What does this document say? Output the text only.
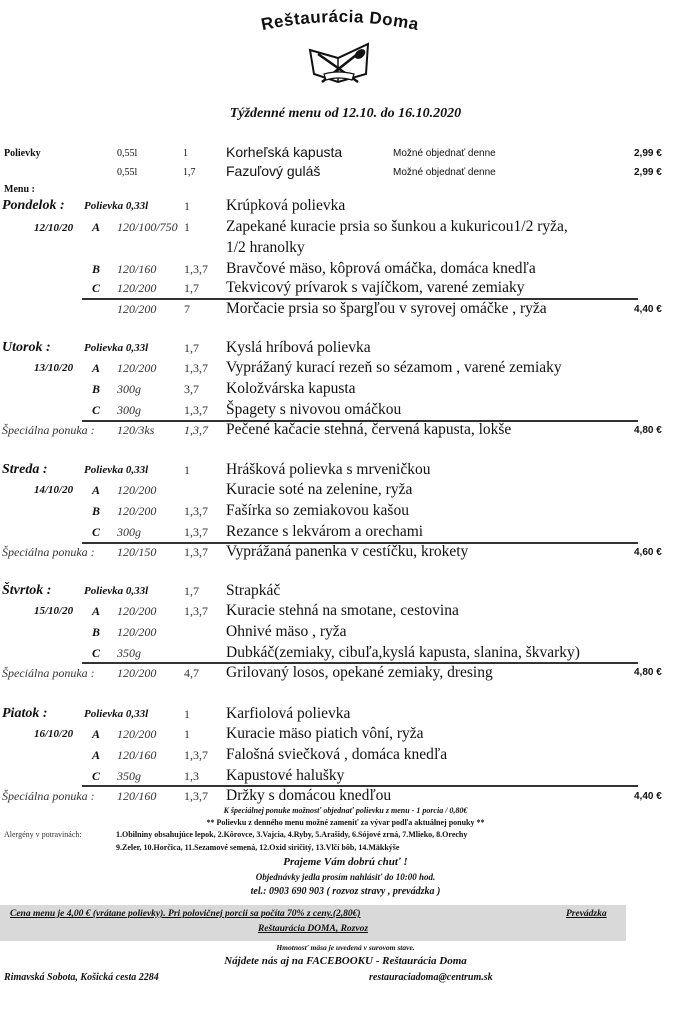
Reštaurácia Doma
Týždenné menu od 12.10. do 16.10.2020
Polievky	0,55l	1	Korheľská kapusta	Možné objednať denne	2,99 €
0,55l	1,7 Fazuľový guláš	Možné objednať denne	2,99 €
Menu :
Pondelok : Polievka 0,33l	1 Krúpková polievka
12/10/20 A 120/100/750 1 Zapekané kuracie prsia so šunkou a kukuricou1/2 ryža,
1/2 hranolky
B 120/160 1,3,7 Bravčové mäso, kôprová omáčka, domáca knedľa
C 120/200 1,7 Tekvicový prívarok s vajíčkom, varené zemiaky
120/200 7 Morčacie prsia so špargľou v syrovej omáčke , ryža	4,40 €
Utorok :	Polievka 0,33l	1,7 Kyslá hríbová polievka
13/10/20 A 120/200 1,3,7 Vyprážaný kurací rezeň so sézamom , varené zemiaky
B 300g	3,7 Koložvárska kapusta
C 300g	1,3,7 Špagety s nivovou omáčkou
Špeciálna ponuka : 120/3ks 1,3,7 Pečené kačacie stehná, červená kapusta, lokše	4,80 €
Streda :	Polievka 0,33l	1 Hrášková polievka s mrveničkou
14/10/20 A 120/200	Kuracie soté na zelenine, ryža
B 120/200 1,3,7 Fašírka so zemiakovou kašou
C 300g	1,3,7 Rezance s lekvárom a orechami
Špeciálna ponuka : 120/150 1,3,7 Vyprážaná panenka v cestíčku, krokety	4,60 €
Štvrtok :	Polievka 0,33l	1,7 Strapkáč
15/10/20 A 120/200 1,3,7 Kuracie stehná na smotane, cestovina
B 120/200	Ohnivé mäso , ryža
C 350g	Dubkáč(zemiaky, cibuľa,kyslá kapusta, slanina, škvarky)
Špeciálna ponuka : 120/200 4,7 Grilovaný losos, opekané zemiaky, dresing	4,80 €
Piatok :	Polievka 0,33l	1 Karfiolová polievka
16/10/20 A 120/200 1 Kuracie mäso piatich vôní, ryža
A 120/160 1,3,7 Falošná sviečková , domáca knedľa
C 350g	1,3 Kapustové halušky
Špeciálna ponuka : 120/160 1,3,7 Držky s domácou knedľou	4,40 €
K špeciálnej ponuke možnosť objednať polievku z menu - 1 porcia / 0,80€
** Polievku z denného menu možné zameniť za vývar podľa aktuálnej ponuky **
Alergény v potravinách:	1.Obilniny obsahujúce lepok, 2.Kôrovce, 3.Vajcia, 4.Ryby, 5.Arašidy, 6.Sójové zrná, 7.Mlieko, 8.Orechy
9.Zeler, 10.Horčica, 11.Sezamové semená, 12.Oxid siričitý, 13.Vlčí bôb, 14.Mäkkýše
Prajeme Vám dobrú chuť !
Objednávky jedla prosím nahlásiť do 10:00 hod.
tel.: 0903 690 903 ( rozvoz stravy , prevádzka )
Cena menu je 4,00 € (vrátane polievky). Pri polovičnej porcii sa počíta 70% z ceny.(2,80€)	Prevádzka
Reštaurácia DOMA, Rozvoz
Hmotnosť mäsa je uvedená v surovom stave.
Nájdete nás aj na FACEBOOKU - Reštaurácia Doma
Rimavská Sobota, Košická cesta 2284	restauraciadoma@centrum.sk
